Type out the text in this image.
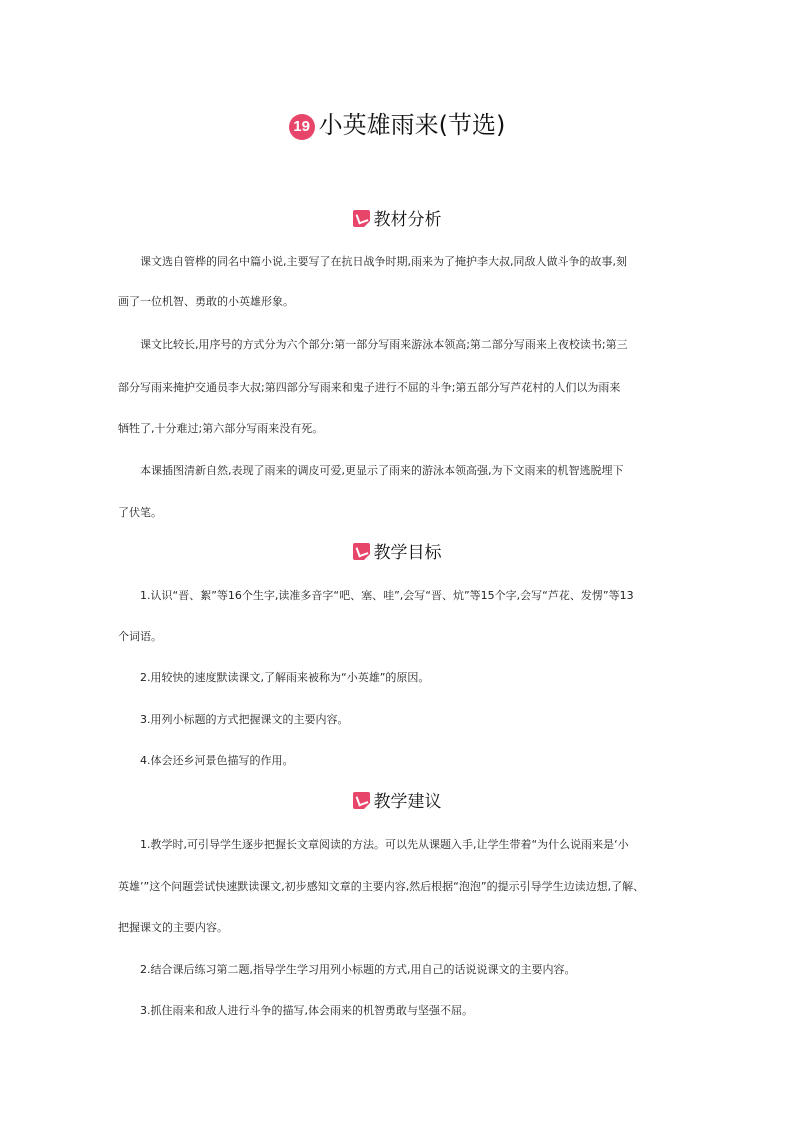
19 小英雄雨来(节选)
教材分析
课文选自管桦的同名中篇小说,主要写了在抗日战争时期,雨来为了掩护李大叔,同敌人做斗争的故事,刻
画了一位机智、勇敢的小英雄形象。
课文比较长,用序号的方式分为六个部分:第一部分写雨来游泳本领高;第二部分写雨来上夜校读书;第三
部分写雨来掩护交通员李大叔;第四部分写雨来和鬼子进行不屈的斗争;第五部分写芦花村的人们以为雨来
牺牲了,十分难过;第六部分写雨来没有死。
本课插图清新自然,表现了雨来的调皮可爱,更显示了雨来的游泳本领高强,为下文雨来的机智逃脱埋下
了伏笔。
教学目标
1.认识“晋、絮”等16个生字,读准多音字“吧、塞、哇”,会写“晋、炕”等15个字,会写“芦花、发愣”等13
个词语。
2.用较快的速度默读课文,了解雨来被称为“小英雄”的原因。
3.用列小标题的方式把握课文的主要内容。
4.体会还乡河景色描写的作用。
教学建议
1.教学时,可引导学生逐步把握长文章阅读的方法。可以先从课题入手,让学生带着“为什么说雨来是‘小
英雄’”这个问题尝试快速默读课文,初步感知文章的主要内容,然后根据“泡泡”的提示引导学生边读边想,了解、
把握课文的主要内容。
2.结合课后练习第二题,指导学生学习用列小标题的方式,用自己的话说说课文的主要内容。
3.抓住雨来和敌人进行斗争的描写,体会雨来的机智勇敢与坚强不屈。
